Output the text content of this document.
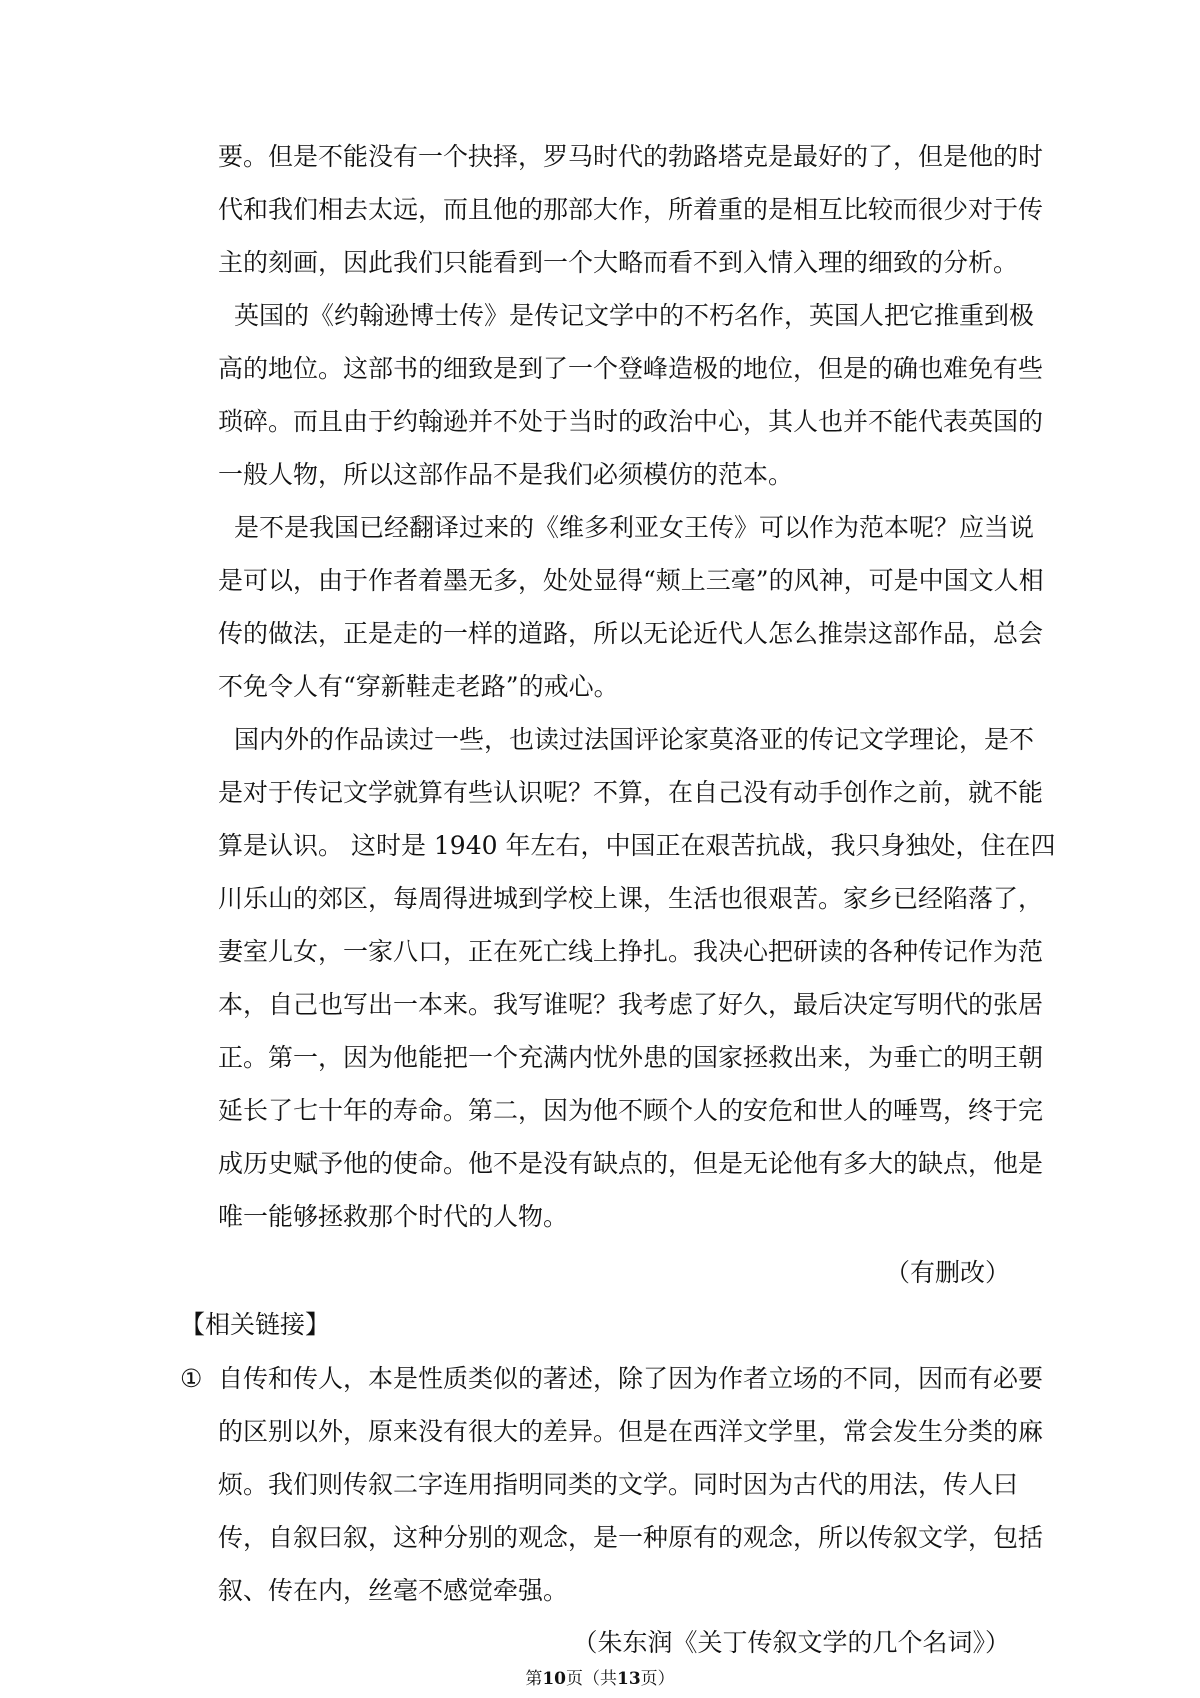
要。但是不能没有一个抉择，罗马时代的勃路塔克是最好的了，但是他的时
代和我们相去太远，而且他的那部大作，所着重的是相互比较而很少对于传
主的刻画，因此我们只能看到一个大略而看不到入情入理的细致的分析。
英国的《约翰逊博士传》是传记文学中的不朽名作，英国人把它推重到极
高的地位。这部书的细致是到了一个登峰造极的地位，但是的确也难免有些
琐碎。而且由于约翰逊并不处于当时的政治中心，其人也并不能代表英国的
一般人物，所以这部作品不是我们必须模仿的范本。
是不是我国已经翻译过来的《维多利亚女王传》可以作为范本呢？应当说
是可以，由于作者着墨无多，处处显得“颊上三毫”的风神，可是中国文人相
传的做法，正是走的一样的道路，所以无论近代人怎么推崇这部作品，总会
不免令人有“穿新鞋走老路”的戒心。
国内外的作品读过一些，也读过法国评论家莫洛亚的传记文学理论，是不
是对于传记文学就算有些认识呢？不算，在自己没有动手创作之前，就不能
算是认识。 这时是 1940 年左右，中国正在艰苦抗战，我只身独处，住在四
川乐山的郊区，每周得进城到学校上课，生活也很艰苦。家乡已经陷落了，
妻室儿女，一家八口，正在死亡线上挣扎。我决心把研读的各种传记作为范
本，自己也写出一本来。我写谁呢？我考虑了好久，最后决定写明代的张居
正。第一，因为他能把一个充满内忧外患的国家拯救出来，为垂亡的明王朝
延长了七十年的寿命。第二，因为他不顾个人的安危和世人的唾骂，终于完
成历史赋予他的使命。他不是没有缺点的，但是无论他有多大的缺点，他是
唯一能够拯救那个时代的人物。
（有删改）
【相关链接】
① 自传和传人，本是性质类似的著述，除了因为作者立场的不同，因而有必要
的区别以外，原来没有很大的差异。但是在西洋文学里，常会发生分类的麻
烦。我们则传叙二字连用指明同类的文学。同时因为古代的用法，传人曰
传，自叙曰叙，这种分别的观念，是一种原有的观念，所以传叙文学，包括
叙、传在内，丝毫不感觉牵强。
（朱东润《关丁传叙文学的几个名词》）
第10页（共13页）
